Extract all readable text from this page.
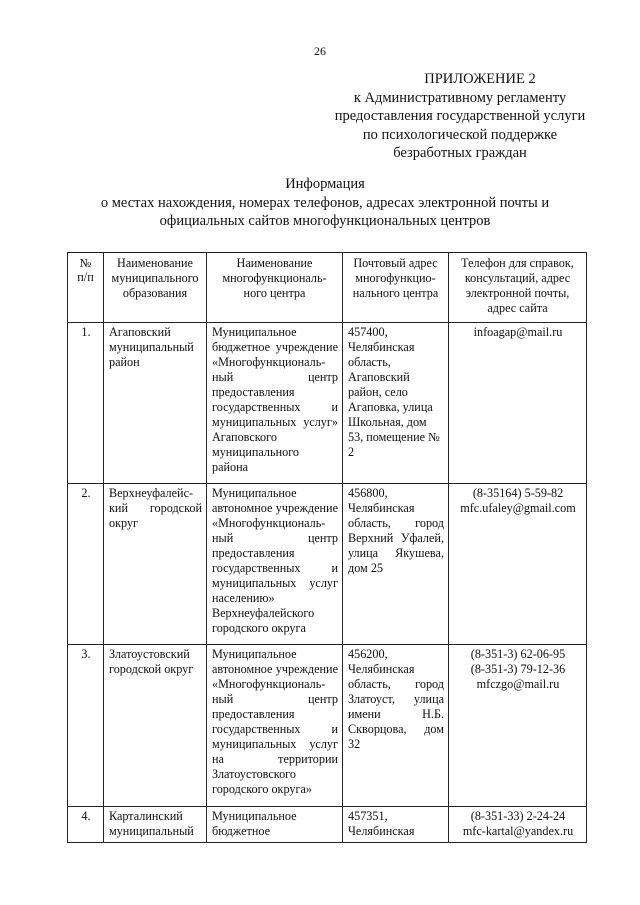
26
ПРИЛОЖЕНИЕ 2
к Административному регламенту
предоставления государственной услуги
по психологической поддержке
безработных граждан
Информация
о местах нахождения, номерах телефонов, адресах электронной почты и
официальных сайтов многофункциональных центров
№ п/п	Наименование муниципального образования	Наименование многофункциональ-ного центра	Почтовый адрес многофункцио-нального центра	Телефон для справок, консультаций, адрес электронной почты, адрес сайта
1.	Агаповский муниципальный район	Муниципальное бюджетное учреждение «Многофункциональ-ный центр предоставления государственных и муниципальных услуг» Агаповского муниципального района	457400, Челябинская область, Агаповский район, село Агаповка, улица Школьная, дом 53, помещение № 2	infoagap@mail.ru

2.	Верхнеуфалейс-кий городской округ	Муниципальное автономное учреждение «Многофункциональ-ный центр предоставления государственных и муниципальных услуг населению» Верхнеуфалейского городского округа	456800, Челябинская область, город Верхний Уфалей, улица Якушева, дом 25	(8-35164) 5-59-82
mfc.ufaley@gmail.com

3.	Златоустовский городской округ	Муниципальное автономное учреждение «Многофункциональ-ный центр предоставления государственных и муниципальных услуг на территории Златоустовского городского округа»	456200, Челябинская область, город Златоуст, улица имени Н.Б. Скворцова, дом 32	(8-351-3) 62-06-95
(8-351-3) 79-12-36
mfczgo@mail.ru

4.	Карталинский муниципальный	Муниципальное бюджетное	457351, Челябинская	(8-351-33) 2-24-24
mfc-kartal@yandex.ru
